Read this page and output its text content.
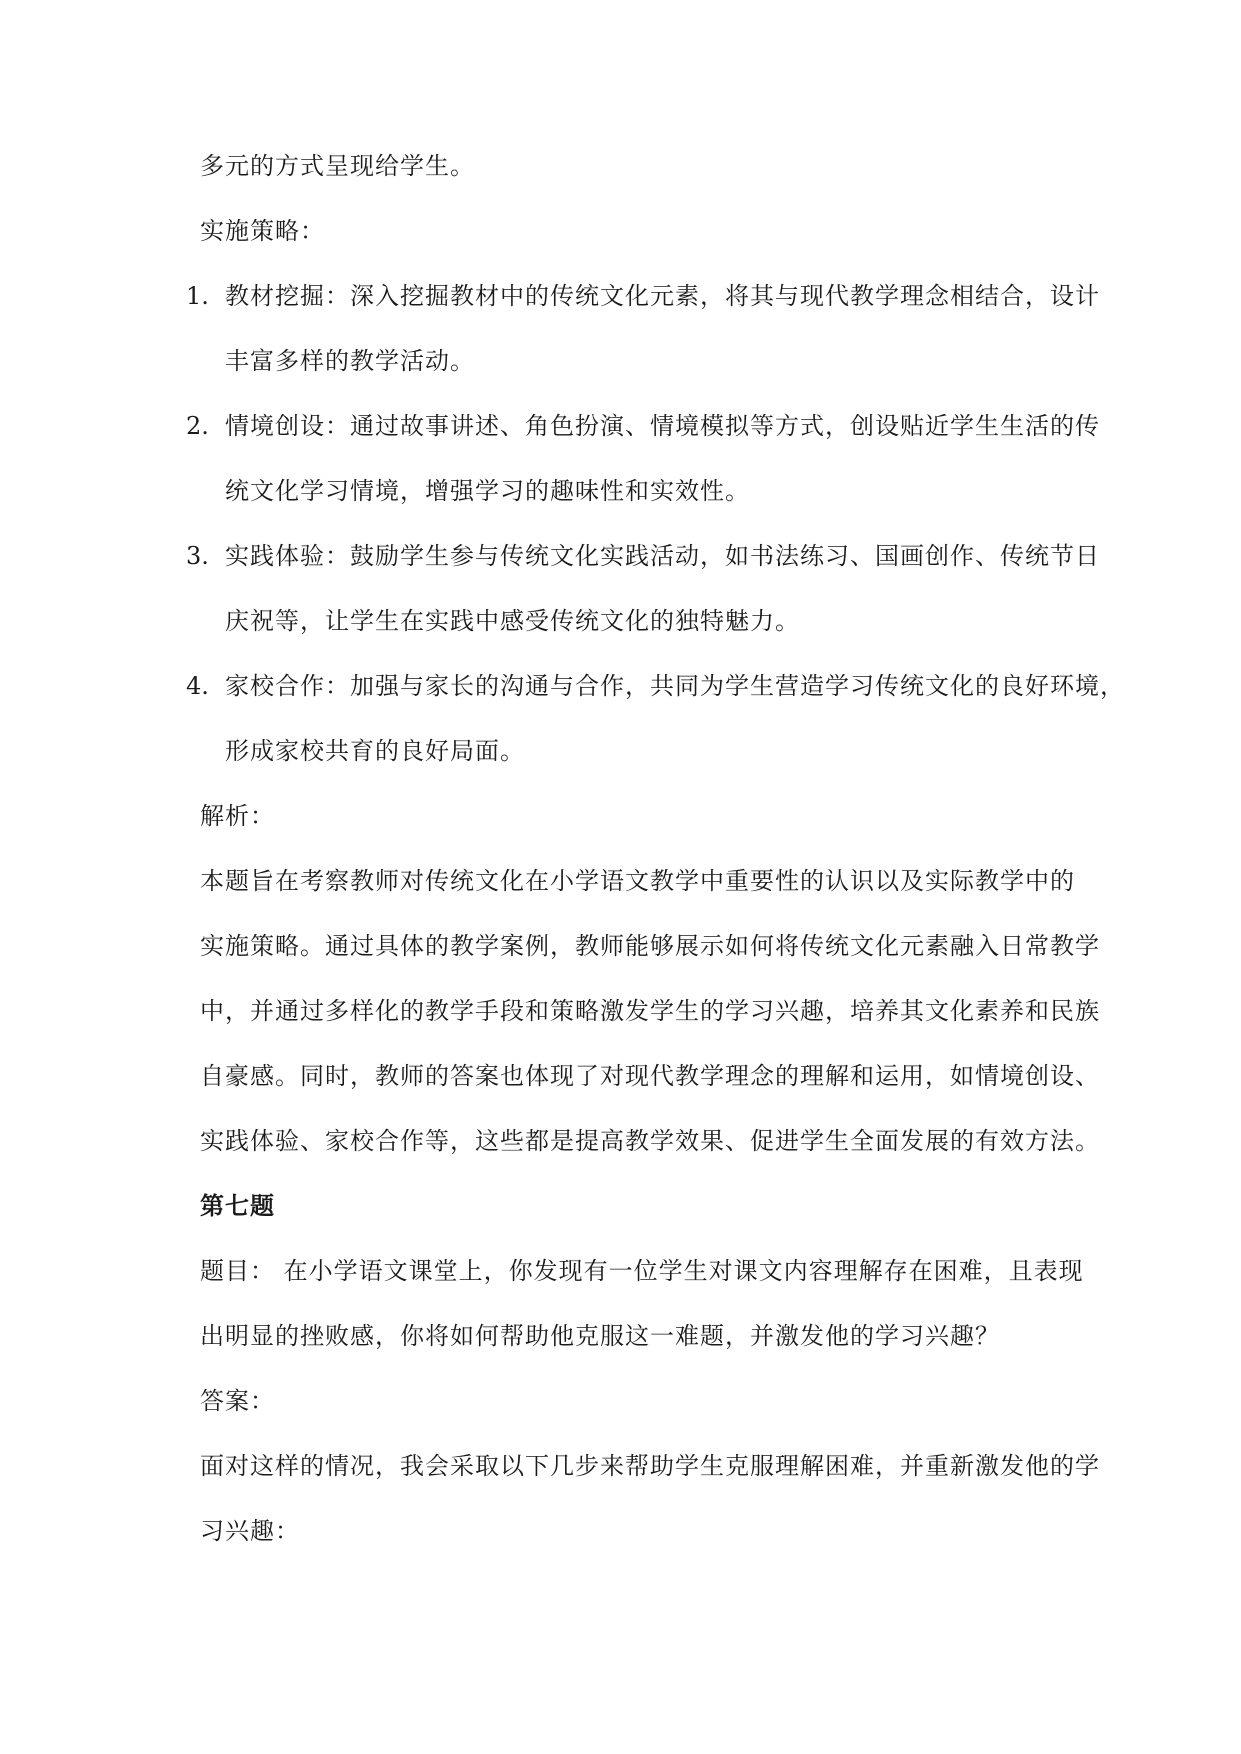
多元的方式呈现给学生。
实施策略：
1. 教材挖掘：深入挖掘教材中的传统文化元素，将其与现代教学理念相结合，设计
丰富多样的教学活动。
2. 情境创设：通过故事讲述、角色扮演、情境模拟等方式，创设贴近学生生活的传
统文化学习情境，增强学习的趣味性和实效性。
3. 实践体验：鼓励学生参与传统文化实践活动，如书法练习、国画创作、传统节日
庆祝等，让学生在实践中感受传统文化的独特魅力。
4. 家校合作：加强与家长的沟通与合作，共同为学生营造学习传统文化的良好环境，
形成家校共育的良好局面。
解析：
本题旨在考察教师对传统文化在小学语文教学中重要性的认识以及实际教学中的
实施策略。通过具体的教学案例，教师能够展示如何将传统文化元素融入日常教学
中，并通过多样化的教学手段和策略激发学生的学习兴趣，培养其文化素养和民族
自豪感。同时，教师的答案也体现了对现代教学理念的理解和运用，如情境创设、
实践体验、家校合作等，这些都是提高教学效果、促进学生全面发展的有效方法。
第七题
题目： 在小学语文课堂上，你发现有一位学生对课文内容理解存在困难，且表现
出明显的挫败感，你将如何帮助他克服这一难题，并激发他的学习兴趣？
答案：
面对这样的情况，我会采取以下几步来帮助学生克服理解困难，并重新激发他的学
习兴趣：
